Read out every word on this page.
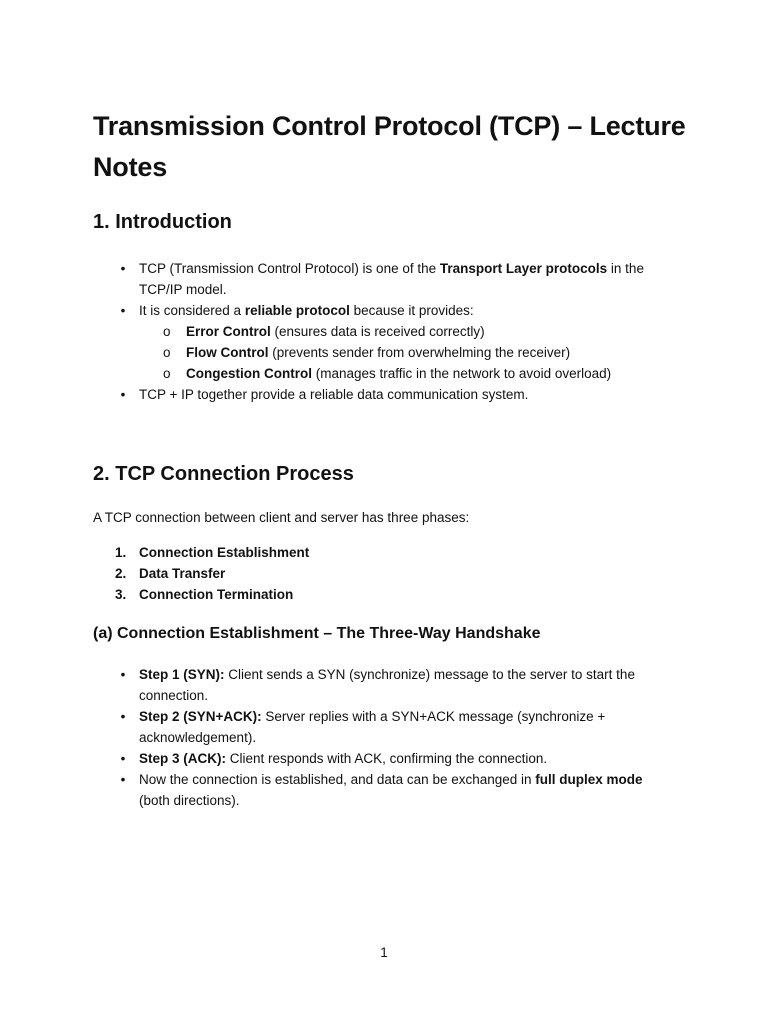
Transmission Control Protocol (TCP) – Lecture Notes
1. Introduction
• TCP (Transmission Control Protocol) is one of the Transport Layer protocols in the TCP/IP model.
• It is considered a reliable protocol because it provides:
o Error Control (ensures data is received correctly)
o Flow Control (prevents sender from overwhelming the receiver)
o Congestion Control (manages traffic in the network to avoid overload)
• TCP + IP together provide a reliable data communication system.
2. TCP Connection Process

A TCP connection between client and server has three phases:

1. Connection Establishment
2. Data Transfer
3. Connection Termination
(a) Connection Establishment – The Three-Way Handshake
• Step 1 (SYN): Client sends a SYN (synchronize) message to the server to start the connection.
• Step 2 (SYN+ACK): Server replies with a SYN+ACK message (synchronize + acknowledgement).
• Step 3 (ACK): Client responds with ACK, confirming the connection.
• Now the connection is established, and data can be exchanged in full duplex mode (both directions).
1
